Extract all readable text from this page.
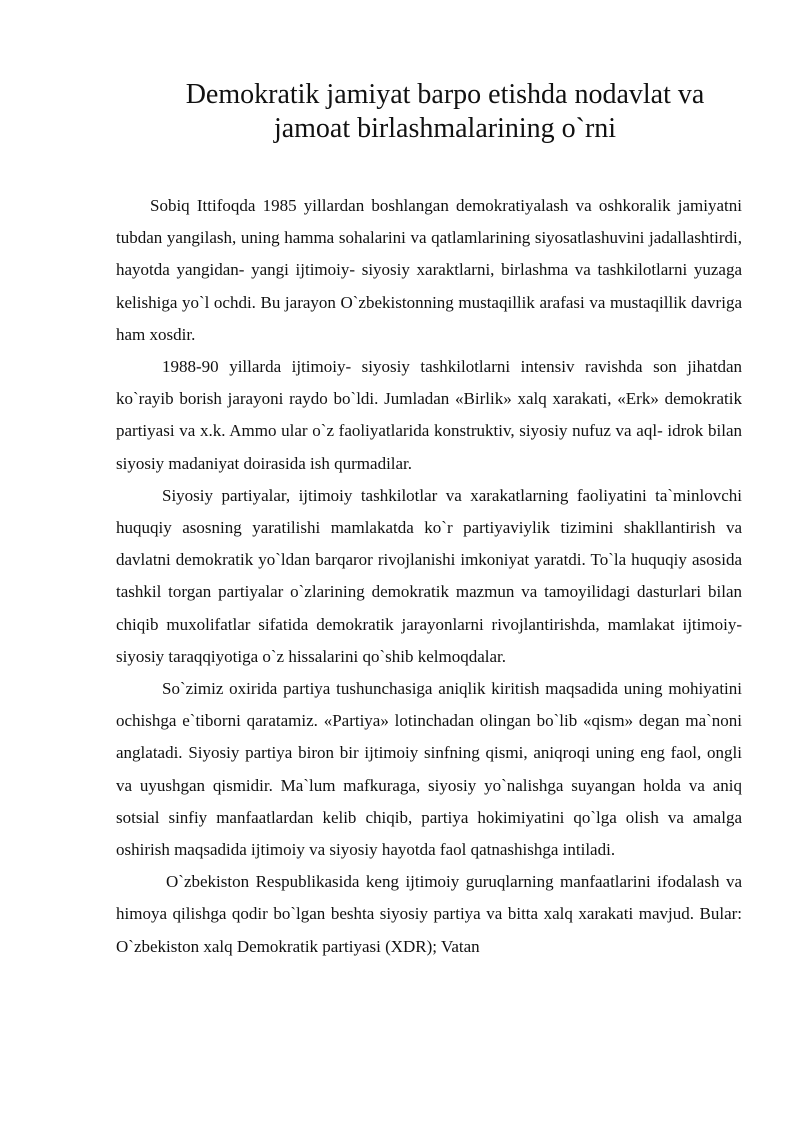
Demokratik jamiyat barpo etishda nodavlat va
jamoat birlashmalarining o`rni

Sobiq Ittifoqda 1985 yillardan boshlangan demokratiyalash va oshkoralik jamiyatni tubdan yangilash, uning hamma sohalarini va qatlamlarining siyosatlashuvini jadallashtirdi, hayotda yangidan- yangi ijtimoiy- siyosiy xaraktlarni, birlashma va tashkilotlarni yuzaga kelishiga yo`l ochdi. Bu jarayon O`zbekistonning mustaqillik arafasi va mustaqillik davriga ham xosdir.

1988-90 yillarda ijtimoiy- siyosiy tashkilotlarni intensiv ravishda son jihatdan ko`rayib borish jarayoni raydo bo`ldi. Jumladan «Birlik» xalq xarakati, «Erk» demokratik partiyasi va x.k. Ammo ular o`z faoliyatlarida konstruktiv, siyosiy nufuz va aql- idrok bilan siyosiy madaniyat doirasida ish qurmadilar.

Siyosiy partiyalar, ijtimoiy tashkilotlar va xarakatlarning faoliyatini ta`minlovchi huquqiy asosning yaratilishi mamlakatda ko`r partiyaviylik tizimini shakllantirish va davlatni demokratik yo`ldan barqaror rivojlanishi imkoniyat yaratdi. To`la huquqiy asosida tashkil torgan partiyalar o`zlarining demokratik mazmun va tamoyilidagi dasturlari bilan chiqib muxolifatlar sifatida demokratik jarayonlarni rivojlantirishda, mamlakat ijtimoiy- siyosiy taraqqiyotiga o`z hissalarini qo`shib kelmoqdalar.

So`zimiz oxirida partiya tushunchasiga aniqlik kiritish maqsadida uning mohiyatini ochishga e`tiborni qaratamiz. «Partiya» lotinchadan olingan bo`lib «qism» degan ma`noni anglatadi. Siyosiy partiya biron bir ijtimoiy sinfning qismi, aniqroqi uning eng faol, ongli va uyushgan qismidir. Ma`lum mafkuraga, siyosiy yo`nalishga suyangan holda va aniq sotsial sinfiy manfaatlardan kelib chiqib, partiya hokimiyatini qo`lga olish va amalga oshirish maqsadida ijtimoiy va siyosiy hayotda faol qatnashishga intiladi.

O`zbekiston Respublikasida keng ijtimoiy guruqlarning manfaatlarini ifodalash va himoya qilishga qodir bo`lgan beshta siyosiy partiya va bitta xalq xarakati mavjud. Bular: O`zbekiston xalq Demokratik partiyasi (XDR); Vatan
